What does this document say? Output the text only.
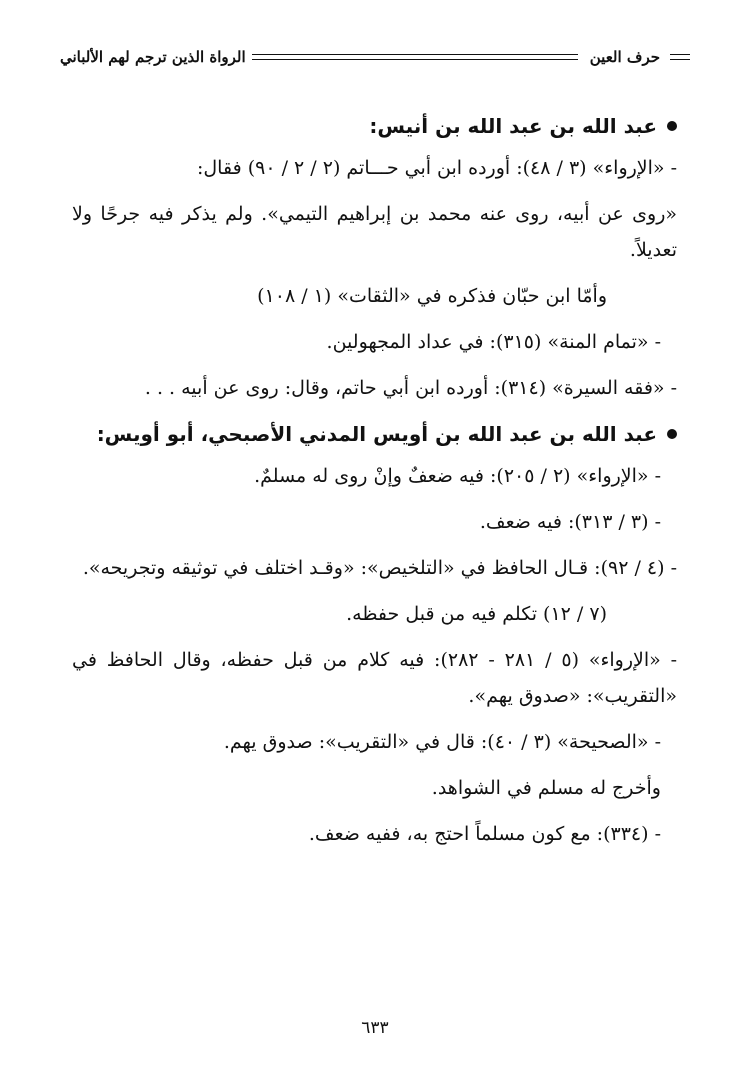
حرف العين
الرواة الذين ترجم لهم الألباني
عبد الله بن عبد الله بن أنيس:

- «الإرواء» (٣ / ٤٨): أورده ابن أبي حـــاتم (٢ / ٢ / ٩٠) فقال:

«روى عن أبيه، روى عنه محمد بن إبراهيم التيمي». ولم يذكر فيه جرحًا ولا تعديلاً.

وأمّا ابن حبّان فذكره في «الثقات» (١ / ١٠٨)

- «تمام المنة» (٣١٥): في عداد المجهولين.

- «فقه السيرة» (٣١٤): أورده ابن أبي حاتم، وقال: روى عن أبيه . . .

عبد الله بن عبد الله بن أويس المدني الأصبحي، أبو أويس:

- «الإرواء» (٢ / ٢٠٥): فيه ضعفٌ وإنْ روى له مسلمٌ.

- (٣ / ٣١٣): فيه ضعف.

- (٤ / ٩٢): قـال الحافظ في «التلخيص»: «وقـد اختلف في توثيقه وتجريحه».

(٧ / ١٢) تكلم فيه من قبل حفظه.

- «الإرواء» (٥ / ٢٨١ - ٢٨٢): فيه كلام من قبل حفظه، وقال الحافظ في «التقريب»: «صدوق يهم».

- «الصحيحة» (٣ / ٤٠): قال في «التقريب»: صدوق يهم.

وأخرج له مسلم في الشواهد.

- (٣٣٤): مع كون مسلماً احتج به، ففيه ضعف.

٦٣٣
